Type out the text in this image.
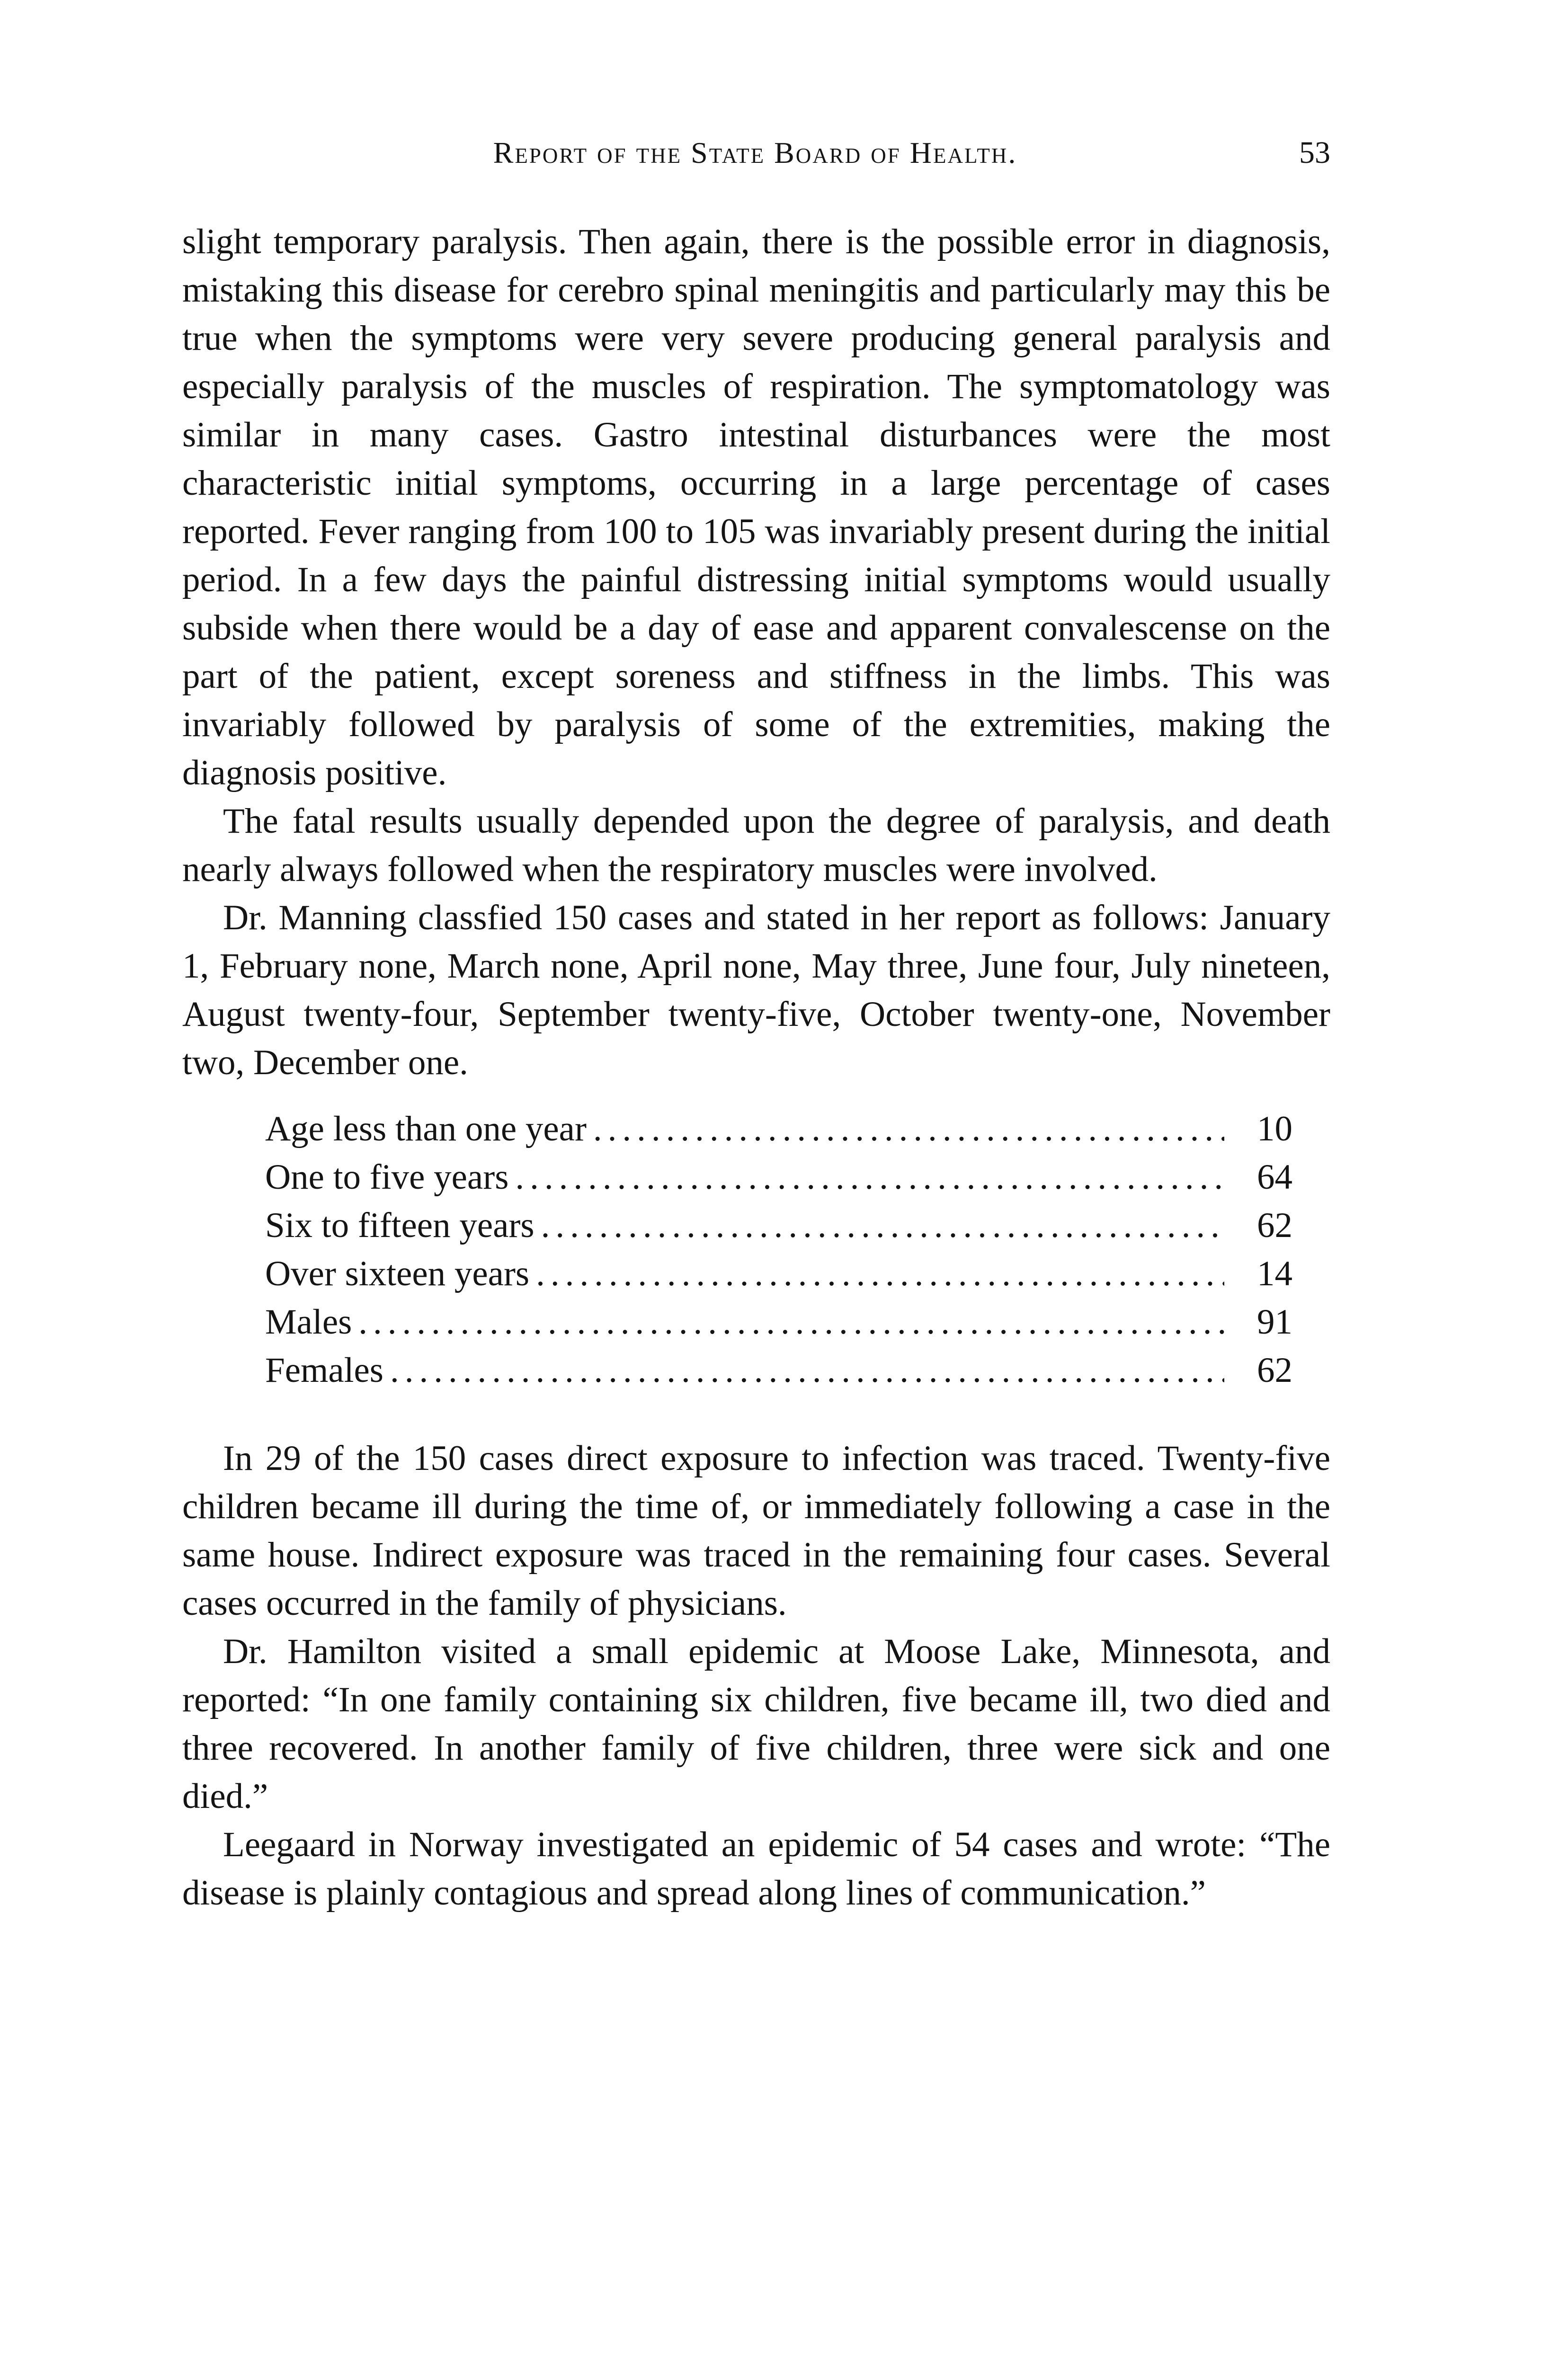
Report of the State Board of Health.	53

slight temporary paralysis. Then again, there is the possible error in diagnosis, mistaking this disease for cerebro spinal meningitis and particularly may this be true when the symptoms were very severe producing general paralysis and especially paralysis of the muscles of respiration. The symptomatology was similar in many cases. Gastro intestinal disturbances were the most characteristic initial symptoms, occurring in a large percentage of cases reported. Fever ranging from 100 to 105 was invariably present during the initial period. In a few days the painful distressing initial symptoms would usually subside when there would be a day of ease and apparent convalescense on the part of the patient, except soreness and stiffness in the limbs. This was invariably followed by paralysis of some of the extremities, making the diagnosis positive.

The fatal results usually depended upon the degree of paralysis, and death nearly always followed when the respiratory muscles were involved.

Dr. Manning classfied 150 cases and stated in her report as follows: January 1, February none, March none, April none, May three, June four, July nineteen, August twenty-four, September twenty-five, October twenty-one, November two, December one.

Age less than one year .....	10
One to five years .....	64
Six to fifteen years .....	62
Over sixteen years .....	14
Males .....	91
Females .....	62

In 29 of the 150 cases direct exposure to infection was traced. Twenty-five children became ill during the time of, or immediately following a case in the same house. Indirect exposure was traced in the remaining four cases. Several cases occurred in the family of physicians.

Dr. Hamilton visited a small epidemic at Moose Lake, Minnesota, and reported: “In one family containing six children, five became ill, two died and three recovered. In another family of five children, three were sick and one died.”

Leegaard in Norway investigated an epidemic of 54 cases and wrote: “The disease is plainly contagious and spread along lines of communication.”
